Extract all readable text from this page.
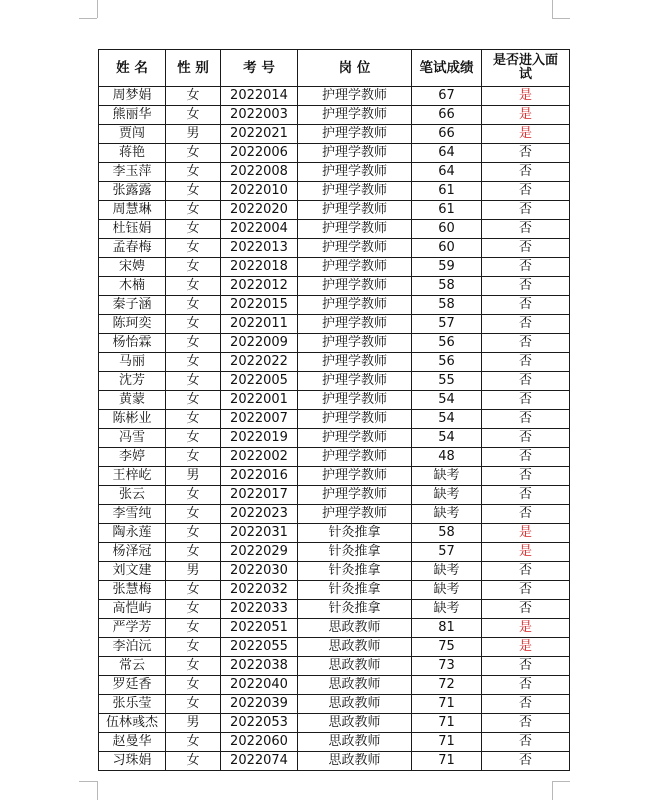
姓 名	性 别	考 号	岗 位	笔试成绩	是否进入面试
周梦娟	女	2022014	护理学教师	67	是
熊丽华	女	2022003	护理学教师	66	是
贾闯	男	2022021	护理学教师	66	是
蒋艳	女	2022006	护理学教师	64	否
李玉萍	女	2022008	护理学教师	64	否
张露露	女	2022010	护理学教师	61	否
周慧琳	女	2022020	护理学教师	61	否
杜钰娟	女	2022004	护理学教师	60	否
孟春梅	女	2022013	护理学教师	60	否
宋娉	女	2022018	护理学教师	59	否
木楠	女	2022012	护理学教师	58	否
秦子涵	女	2022015	护理学教师	58	否
陈珂奕	女	2022011	护理学教师	57	否
杨怡霖	女	2022009	护理学教师	56	否
马丽	女	2022022	护理学教师	56	否
沈芳	女	2022005	护理学教师	55	否
黄蒙	女	2022001	护理学教师	54	否
陈彬业	女	2022007	护理学教师	54	否
冯雪	女	2022019	护理学教师	54	否
李婷	女	2022002	护理学教师	48	否
王梓屹	男	2022016	护理学教师	缺考	否
张云	女	2022017	护理学教师	缺考	否
李雪纯	女	2022023	护理学教师	缺考	否
陶永莲	女	2022031	针灸推拿	58	是
杨泽冠	女	2022029	针灸推拿	57	是
刘文建	男	2022030	针灸推拿	缺考	否
张慧梅	女	2022032	针灸推拿	缺考	否
高恺屿	女	2022033	针灸推拿	缺考	否
严学芳	女	2022051	思政教师	81	是
李泊沅	女	2022055	思政教师	75	是
常云	女	2022038	思政教师	73	否
罗廷香	女	2022040	思政教师	72	否
张乐莹	女	2022039	思政教师	71	否
伍林彧杰	男	2022053	思政教师	71	否
赵曼华	女	2022060	思政教师	71	否
习珠娟	女	2022074	思政教师	71	否
